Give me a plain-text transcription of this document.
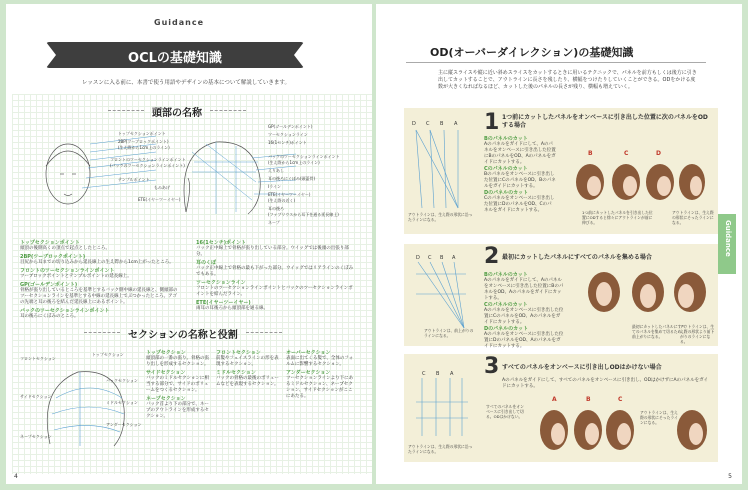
Guidance
OCLの基礎知識
レッスンに入る前に、本書で使う用語やデザインの基本について解説していきます。
頭部の名称
トップセクションポイント
2BP(ツーブロックポイント)
(生え際から1cm上のライン)
フロントのツーセクションラインポイント
(バックのツーセクションラインポイント)
テンプルポイント
ETE(イヤーツーイヤー)
もみあげ
GP(ゴールデンポイント)
ツーセクションライン
16(1センチ)ポイント
バックのツーセクションラインポイント
(生え際から1cm上のライン)
えりあし
耳の後ろにくぼみ(頭蓋骨)
Iライン
ETE(イヤーツーイヤー)
(生え際の近く)
耳の後ろ
(ファブリウスから耳下を通る延長線上)
ネープ
トップセクションポイント
頭頂の後側高くの頂点で起点としたところ。
2BP(ツーブロックポイント)
目尻から耳までの切り込みから延長線上の生え際から1cm上がったところ。
フロントのツーセクションラインポイント
ツーブロックポイントとテンプルポイントの延長線上。
GP(ゴールデンポイント)
骨格が張り出しているところを基準とするバック側中線の延長線と、側頭部のツーセクションラインを基準とする中線の延長線上でぶつかったところ。アゴの先端と耳の後ろを結んだ延長線上にあるポイント。
バックのツーセクションラインポイント
耳の後ろにくぼみのところ。
16(1センチ)ポイント
バック正中線上で骨格が張り出している部分。ウイッグでは後頭の出張り部分。
耳のくぼ
バック正中線上で骨格の最も下がった部分。ウイッグではリアラインのくぼみでもある。
ツーセクションライン
フロントのツーセクションラインポイントとバックのツーセクションラインポイントを結んだライン。
ETE(イヤーツーイヤー)
両耳の耳後ろから頭頂部を通る線。
セクションの名称と役割
フロントセクション
トップセクション
サイドセクション
ネープセクション
バックセクション
ミドルセクション
アンダーセクション
トップセクション
頭頂部の一番の張り。骨格の張り出しを形成するセクション。
サイドセクション
バックのミドルセクションに相当する部分で、サイドのボリュームをつくるセクション。
ネープセクション
バック首より下の部分で、ネープのアウトラインを形成するセクション。
フロントセクション
前髪やフェイスラインの形を表現するセクション。
ミドルセクション
バックの骨格の最後のボリュームなどを表現するセクション。
オーバーセクション
表面に出てくる髪で、全体のフォルムに影響するセクション。
アンダーセクション
ツーセクションラインより下にあるミドルセクション、ネープセクション、サイドセクションがここにあたる。
4
OD(オーバーダイレクション)の基礎知識
主に縦スライスや縦に近い斜めスライスをカットするときに用いるテクニックで、パネルを前方もしくは後方に引き出してカットすることで、アウトラインに長さを残したり、横幅をつけたりしていくことができる。ODをかける度数が大きくなればなるほど、カットした後のパネルの長さが残り、横幅も増えていく。
Guidance
D C B A 1 1つ前にカットしたパネルをオンベースに引き出した位置に次のパネルをODする場合
Bのパネルのカット
Aのパネルをガイドにして、Aのパネルをオンベースに引き出した位置にBのパネルをOD、Aのパネルをガイドにカットする。
Cのパネルのカット
Bのパネルをオンベースに引き出した位置にCのパネルをOD、Bのパネルをガイドにカットする。
Dのパネルのカット
Cのパネルをオンベースに引き出した位置にDのパネルをOD、Cのパネルをガイドにカットする。
アウトラインは、生え際の形状に沿ったラインになる。
B	C	D
1つ前にカットしたパネルを引き出した位置にODすると徐々にアウトラインが前に伸びる。
アウトラインは、生え際の形状にそったラインになる。
D C B A 2 最初にカットしたパネルにすべてのパネルを集める場合
Bのパネルのカット
Aのパネルをガイドにして、Aのパネルをオンベースに引き出した位置にBのパネルをOD、Aのパネルをガイドにカットする。
Cのパネルのカット
Aのパネルをオンベースに引き出した位置にCのパネルをOD、Aのパネルをガイドにカットする。
Dのパネルのカット
Aのパネルをオンベースに引き出した位置にDのパネルをOD、Aのパネルをガイドにカットする。
アウトラインは、前上がりのラインになる。
最初にカットしたパネルにすべてのパネルを集めて切るため、前上がりになる。
アウトラインは、生え際の形状より前下がりのラインになる。
C B A 3 すべてのパネルをオンベースに引き出しODはかけない場合
Aのパネルをガイドにして、すべてのパネルをオンベースに引き出し、ODはかけずにAのパネルをガイドにカットする。
アウトラインは、生え際の形状に沿ったラインになる。
すべてのパネルをオンベースに引き出して切る。ODはかけない。
A	B	C
アウトラインは、生え際の形状にそったラインになる。
5
